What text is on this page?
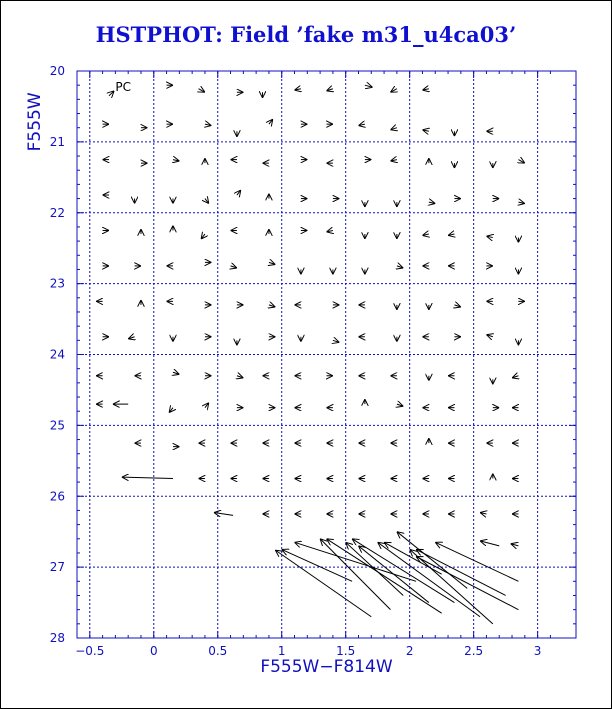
HSTPHOT: Field ’fake m31_u4ca03’
−0.5	0	0.5	1	1.5	2	2.5	3
20
21
22
23
24
25
26
27
28
PC
F555W−F814W
F555W
